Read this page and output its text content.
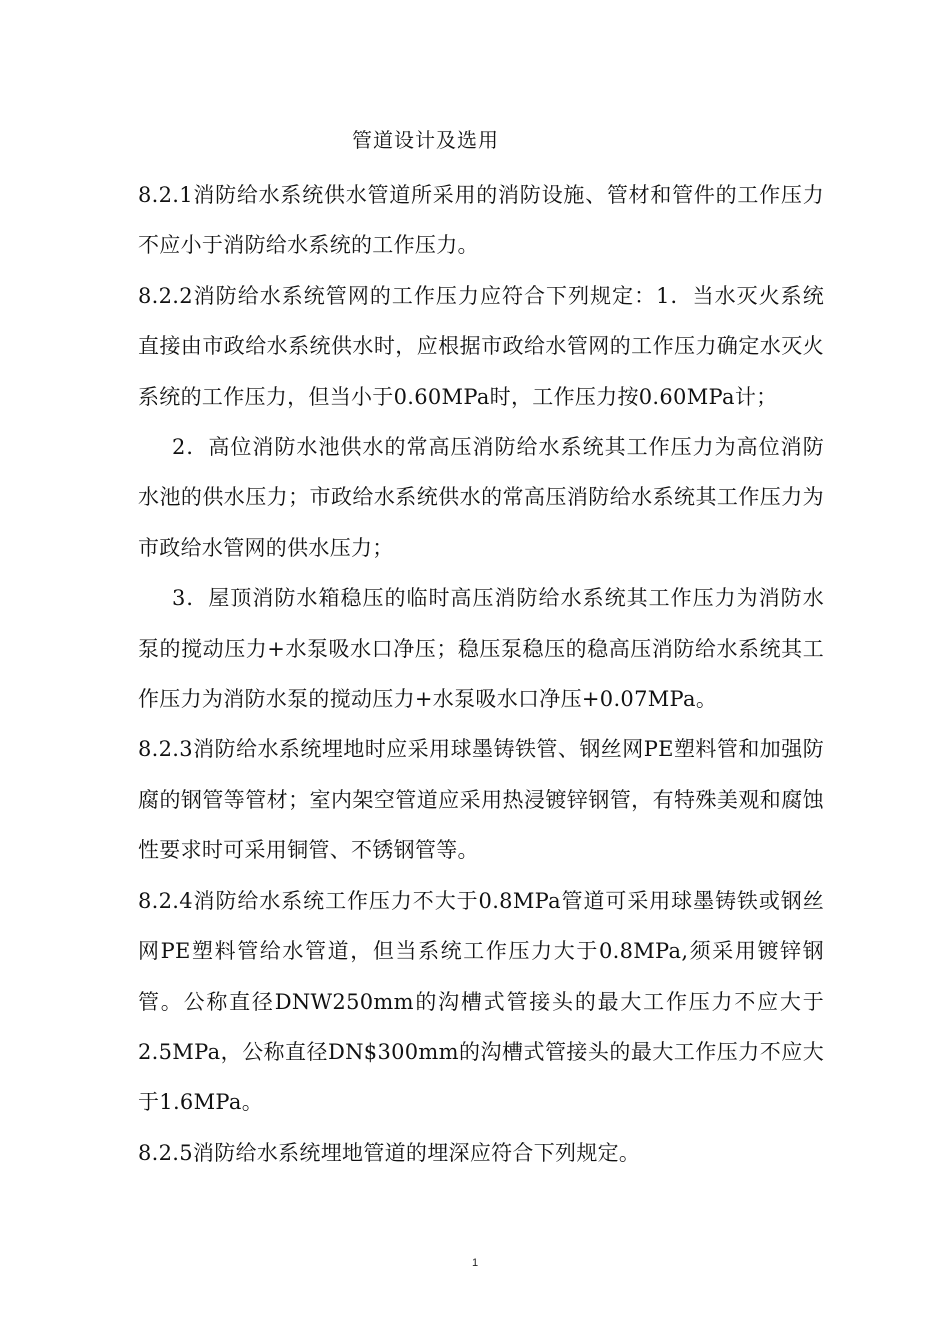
管道设计及选用

8.2.1消防给水系统供水管道所采用的消防设施、管材和管件的工作压力不应小于消防给水系统的工作压力。

8.2.2消防给水系统管网的工作压力应符合下列规定：1．当水灭火系统直接由市政给水系统供水时，应根据市政给水管网的工作压力确定水灭火系统的工作压力，但当小于0.60MPa时，工作压力按0.60MPa计；

2．高位消防水池供水的常高压消防给水系统其工作压力为高位消防水池的供水压力；市政给水系统供水的常高压消防给水系统其工作压力为市政给水管网的供水压力；

3．屋顶消防水箱稳压的临时高压消防给水系统其工作压力为消防水泵的搅动压力+水泵吸水口净压；稳压泵稳压的稳高压消防给水系统其工作压力为消防水泵的搅动压力+水泵吸水口净压+0.07MPa。

8.2.3消防给水系统埋地时应采用球墨铸铁管、钢丝网PE塑料管和加强防腐的钢管等管材；室内架空管道应采用热浸镀锌钢管，有特殊美观和腐蚀性要求时可采用铜管、不锈钢管等。

8.2.4消防给水系统工作压力不大于0.8MPa管道可采用球墨铸铁或钢丝网PE塑料管给水管道，但当系统工作压力大于0.8MPa,须采用镀锌钢管。公称直径DNW250mm的沟槽式管接头的最大工作压力不应大于2.5MPa，公称直径DN$300mm的沟槽式管接头的最大工作压力不应大于1.6MPa。

8.2.5消防给水系统埋地管道的埋深应符合下列规定。

1
